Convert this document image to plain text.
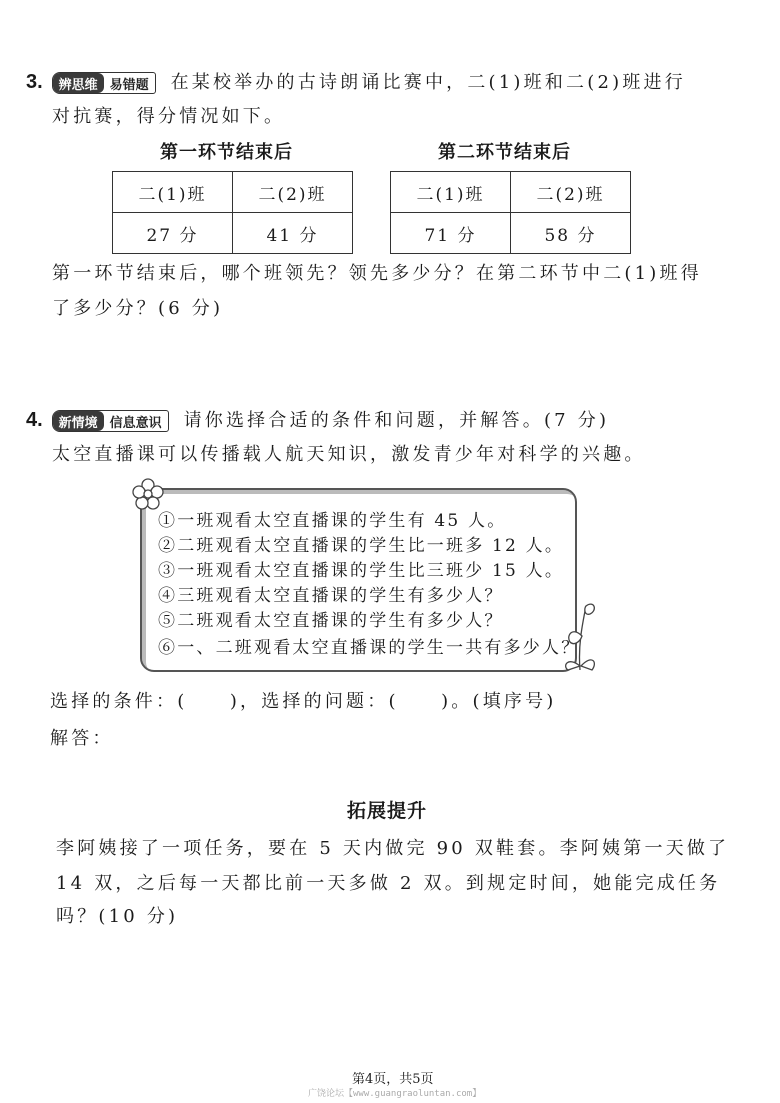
3.	辨思维 易错题	在某校举办的古诗朗诵比赛中，二(1)班和二(2)班进行
对抗赛，得分情况如下。
第一环节结束后	第二环节结束后
二(1)班	二(2)班
27 分	41 分
二(1)班	二(2)班
71 分	58 分
第一环节结束后，哪个班领先？领先多少分？在第二环节中二(1)班得
了多少分？(6 分)
4.	新情境 信息意识	请你选择合适的条件和问题，并解答。(7 分)
太空直播课可以传播载人航天知识，激发青少年对科学的兴趣。
①一班观看太空直播课的学生有 45 人。
②二班观看太空直播课的学生比一班多 12 人。
③一班观看太空直播课的学生比三班少 15 人。
④三班观看太空直播课的学生有多少人？
⑤二班观看太空直播课的学生有多少人？
⑥一、二班观看太空直播课的学生一共有多少人？
选择的条件：(　　)，选择的问题：(　　)。(填序号)
解答：
拓展提升
李阿姨接了一项任务，要在 5 天内做完 90 双鞋套。李阿姨第一天做了
14 双，之后每一天都比前一天多做 2 双。到规定时间，她能完成任务
吗？(10 分)
第4页，共5页
广饶论坛【www.guangraoluntan.com】
